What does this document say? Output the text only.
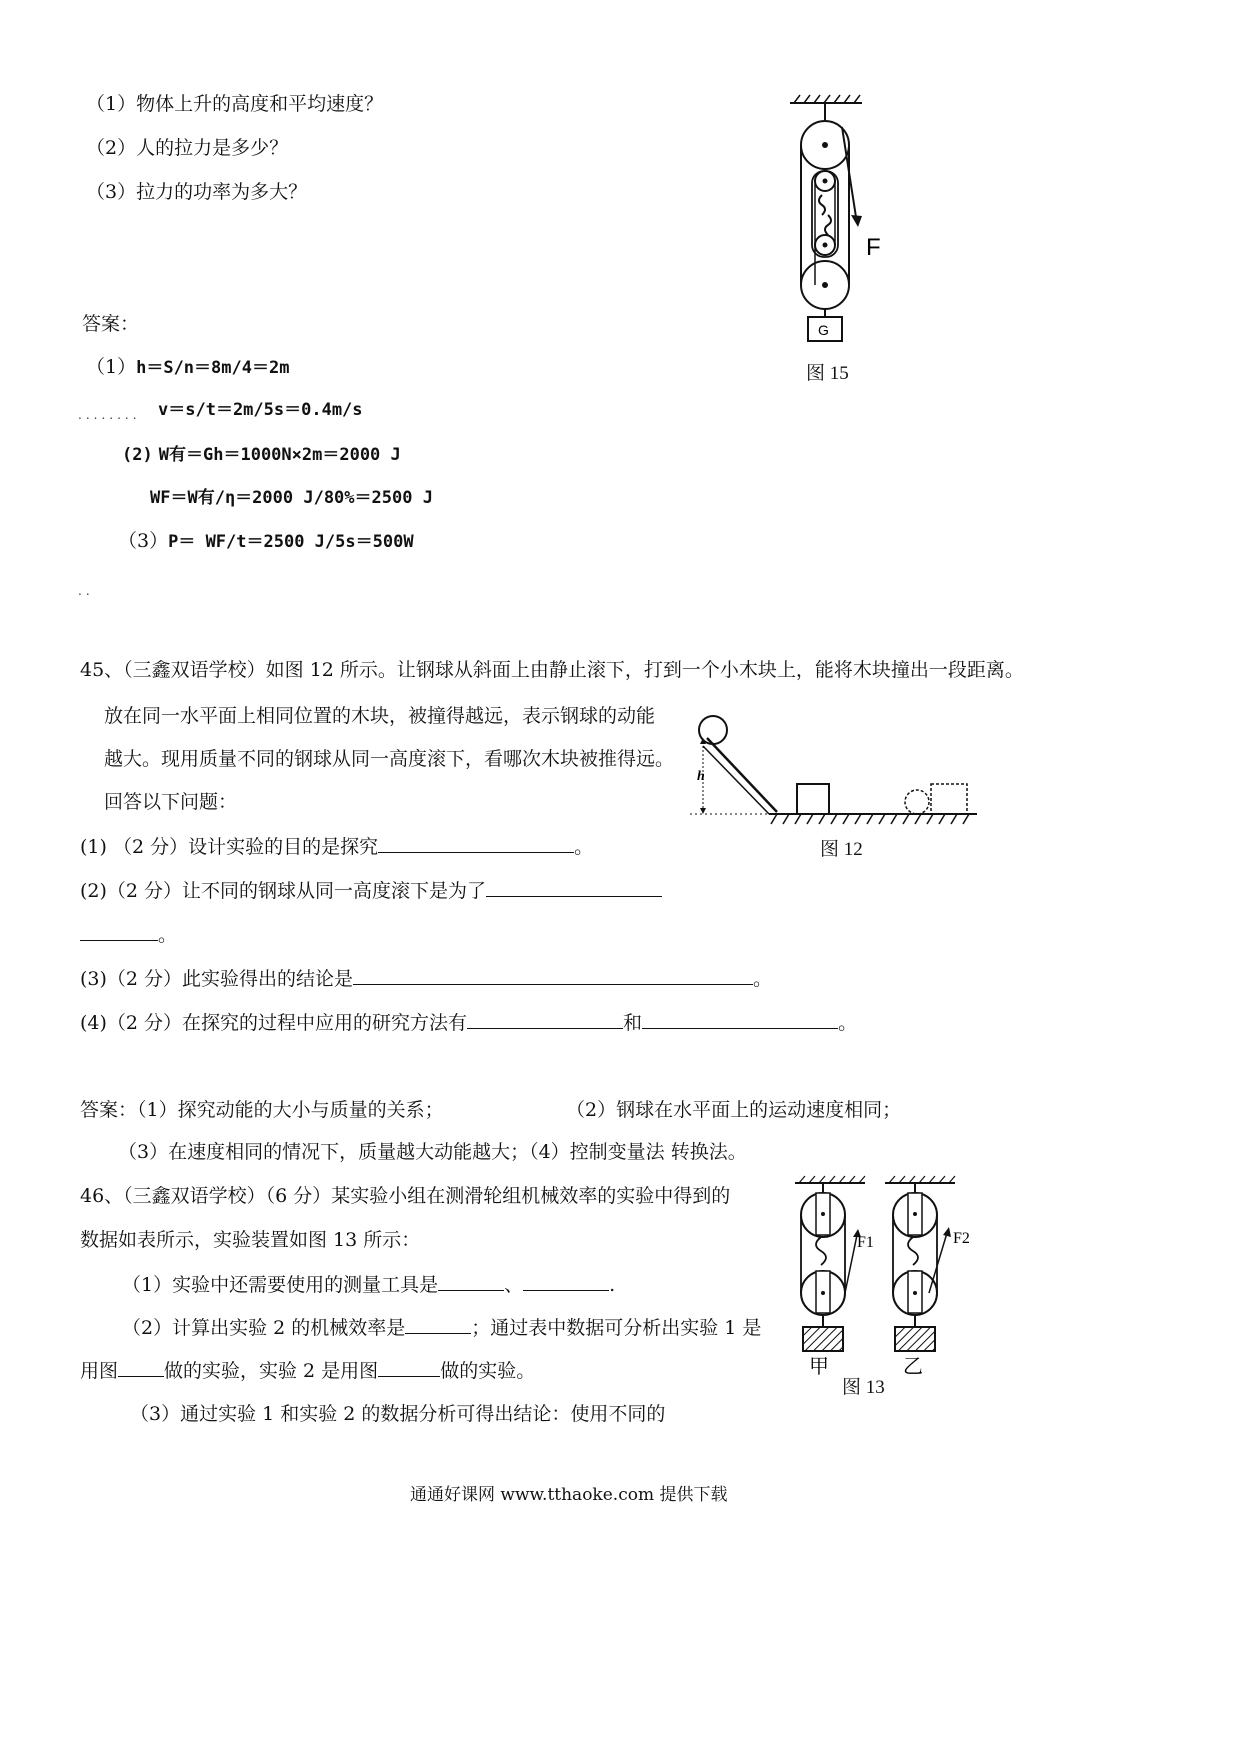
（1）物体上升的高度和平均速度？
（2）人的拉力是多少？
（3）拉力的功率为多大？
答案：
（1）h＝S/n＝8m/4＝2m
........ v＝s/t＝2m/5s＝0.4m/s
(2) W有＝Gh＝1000N×2m＝2000 J
WF＝W有/η＝2000 J/80%＝2500 J
（3）P＝ WF/t＝2500 J/5s＝500W
..
F
G
图 15
45、（三鑫双语学校）如图 12 所示。让钢球从斜面上由静止滚下，打到一个小木块上，能将木块撞出一段距离。
放在同一水平面上相同位置的木块，被撞得越远，表示钢球的动能
越大。现用质量不同的钢球从同一高度滚下，看哪次木块被推得远。
回答以下问题：
(1) （2 分）设计实验的目的是探究	。
(2)（2 分）让不同的钢球从同一高度滚下是为了
。
(3)（2 分）此实验得出的结论是	。
(4)（2 分）在探究的过程中应用的研究方法有	和	。
答案：（1）探究动能的大小与质量的关系；	（2）钢球在水平面上的运动速度相同；
（3）在速度相同的情况下，质量越大动能越大；（4）控制变量法 转换法。
h
图 12
46、（三鑫双语学校）（6 分）某实验小组在测滑轮组机械效率的实验中得到的
数据如表所示，实验装置如图 13 所示：
（1）实验中还需要使用的测量工具是	、	.
（2）计算出实验 2 的机械效率是	；通过表中数据可分析出实验 1 是
用图 做的实验，实验 2 是用图	做的实验。
（3）通过实验 1 和实验 2 的数据分析可得出结论：使用不同的
F1
甲
F2
乙
图 13
通通好课网 www.tthaoke.com 提供下载
